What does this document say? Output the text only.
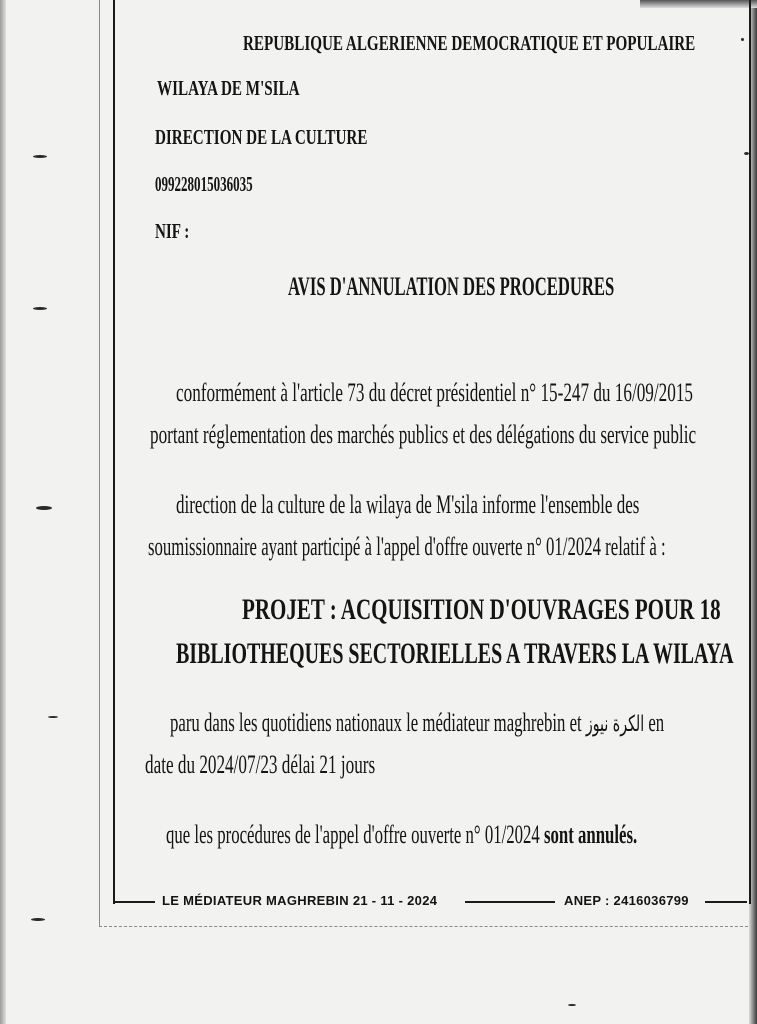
REPUBLIQUE ALGERIENNE DEMOCRATIQUE ET POPULAIRE
WILAYA DE M'SILA
DIRECTION DE LA CULTURE
099228015036035
NIF :
AVIS D'ANNULATION DES PROCEDURES
conformément à l'article 73 du décret présidentiel n° 15-247 du 16/09/2015
portant réglementation des marchés publics et des délégations du service public
direction de la culture de la wilaya de M'sila informe l'ensemble des
soumissionnaire ayant participé à l'appel d'offre ouverte n° 01/2024 relatif à :
PROJET : ACQUISITION D'OUVRAGES POUR 18
BIBLIOTHEQUES SECTORIELLES A TRAVERS LA WILAYA
paru dans les quotidiens nationaux le médiateur maghrebin et الكرة نيوز en
date du 2024/07/23 délai 21 jours
que les procédures de l'appel d'offre ouverte n° 01/2024 sont annulés.
LE MÉDIATEUR MAGHREBIN 21 - 11 - 2024	ANEP : 2416036799
